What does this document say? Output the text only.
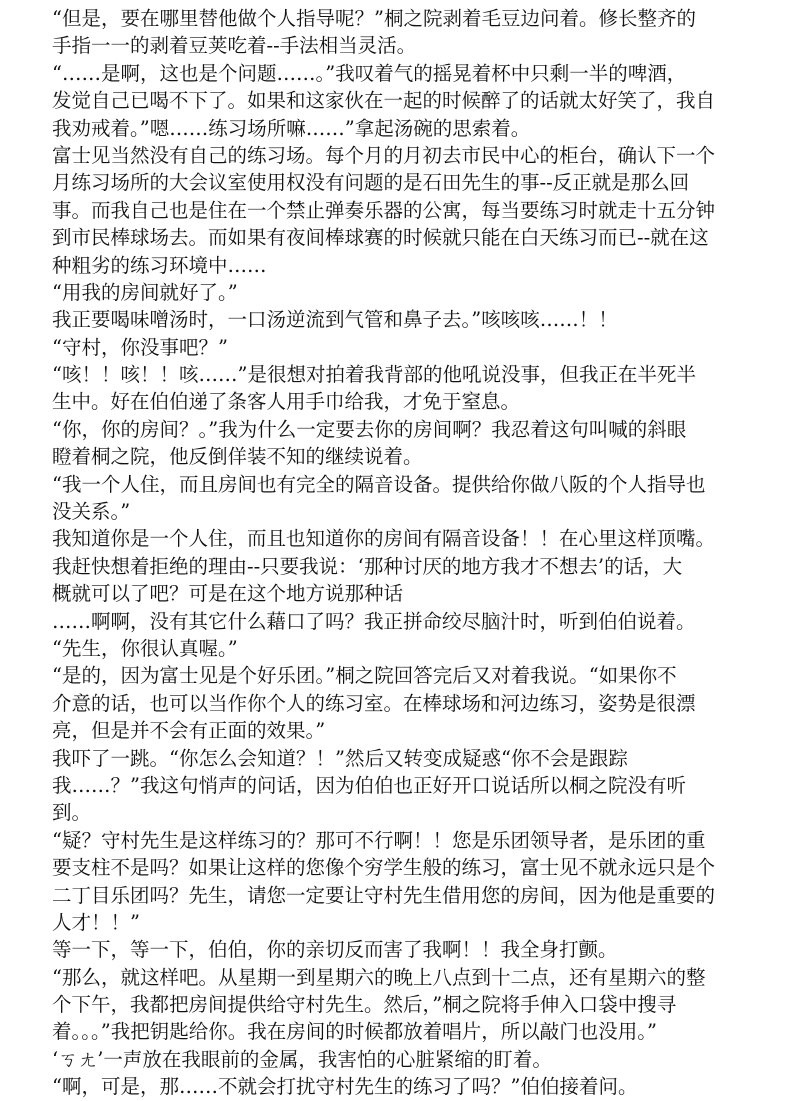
“但是，要在哪里替他做个人指导呢？”桐之院剥着毛豆边问着。修长整齐的
手指一一的剥着豆荚吃着--手法相当灵活。
“……是啊，这也是个问题……。”我叹着气的摇晃着杯中只剩一半的啤酒，
发觉自己已喝不下了。如果和这家伙在一起的时候醉了的话就太好笑了，我自
我劝戒着。”嗯……练习场所嘛……”拿起汤碗的思索着。
富士见当然没有自己的练习场。每个月的月初去市民中心的柜台，确认下一个
月练习场所的大会议室使用权没有问题的是石田先生的事--反正就是那么回
事。而我自己也是住在一个禁止弹奏乐器的公寓，每当要练习时就走十五分钟
到市民棒球场去。而如果有夜间棒球赛的时候就只能在白天练习而已--就在这
种粗劣的练习环境中……
“用我的房间就好了。”
我正要喝味噌汤时，一口汤逆流到气管和鼻子去。”咳咳咳……！！
“守村，你没事吧？”
“咳！！咳！！咳……”是很想对拍着我背部的他吼说没事，但我正在半死半
生中。好在伯伯递了条客人用手巾给我，才免于窒息。
“你，你的房间？。”我为什么一定要去你的房间啊？我忍着这句叫喊的斜眼
瞪着桐之院，他反倒佯装不知的继续说着。
“我一个人住，而且房间也有完全的隔音设备。提供给你做八阪的个人指导也
没关系。”
我知道你是一个人住，而且也知道你的房间有隔音设备！！在心里这样顶嘴。
我赶快想着拒绝的理由--只要我说：‘那种讨厌的地方我才不想去’的话，大
概就可以了吧？可是在这个地方说那种话
……啊啊，没有其它什么藉口了吗？我正拼命绞尽脑汁时，听到伯伯说着。
“先生，你很认真喔。”
“是的，因为富士见是个好乐团。”桐之院回答完后又对着我说。“如果你不
介意的话，也可以当作你个人的练习室。在棒球场和河边练习，姿势是很漂
亮，但是并不会有正面的效果。”
我吓了一跳。“你怎么会知道？！”然后又转变成疑惑“你不会是跟踪
我……？”我这句悄声的问话，因为伯伯也正好开口说话所以桐之院没有听
到。
“疑？守村先生是这样练习的？那可不行啊！！您是乐团领导者，是乐团的重
要支柱不是吗？如果让这样的您像个穷学生般的练习，富士见不就永远只是个
二丁目乐团吗？先生，请您一定要让守村先生借用您的房间，因为他是重要的
人才！！”
等一下，等一下，伯伯，你的亲切反而害了我啊！！我全身打颤。
“那么，就这样吧。从星期一到星期六的晚上八点到十二点，还有星期六的整
个下午，我都把房间提供给守村先生。然后，”桐之院将手伸入口袋中搜寻
着。。。”我把钥匙给你。我在房间的时候都放着唱片，所以敲门也没用。”
‘ㄎㄤ’一声放在我眼前的金属，我害怕的心脏紧缩的盯着。
“啊，可是，那……不就会打扰守村先生的练习了吗？”伯伯接着问。
